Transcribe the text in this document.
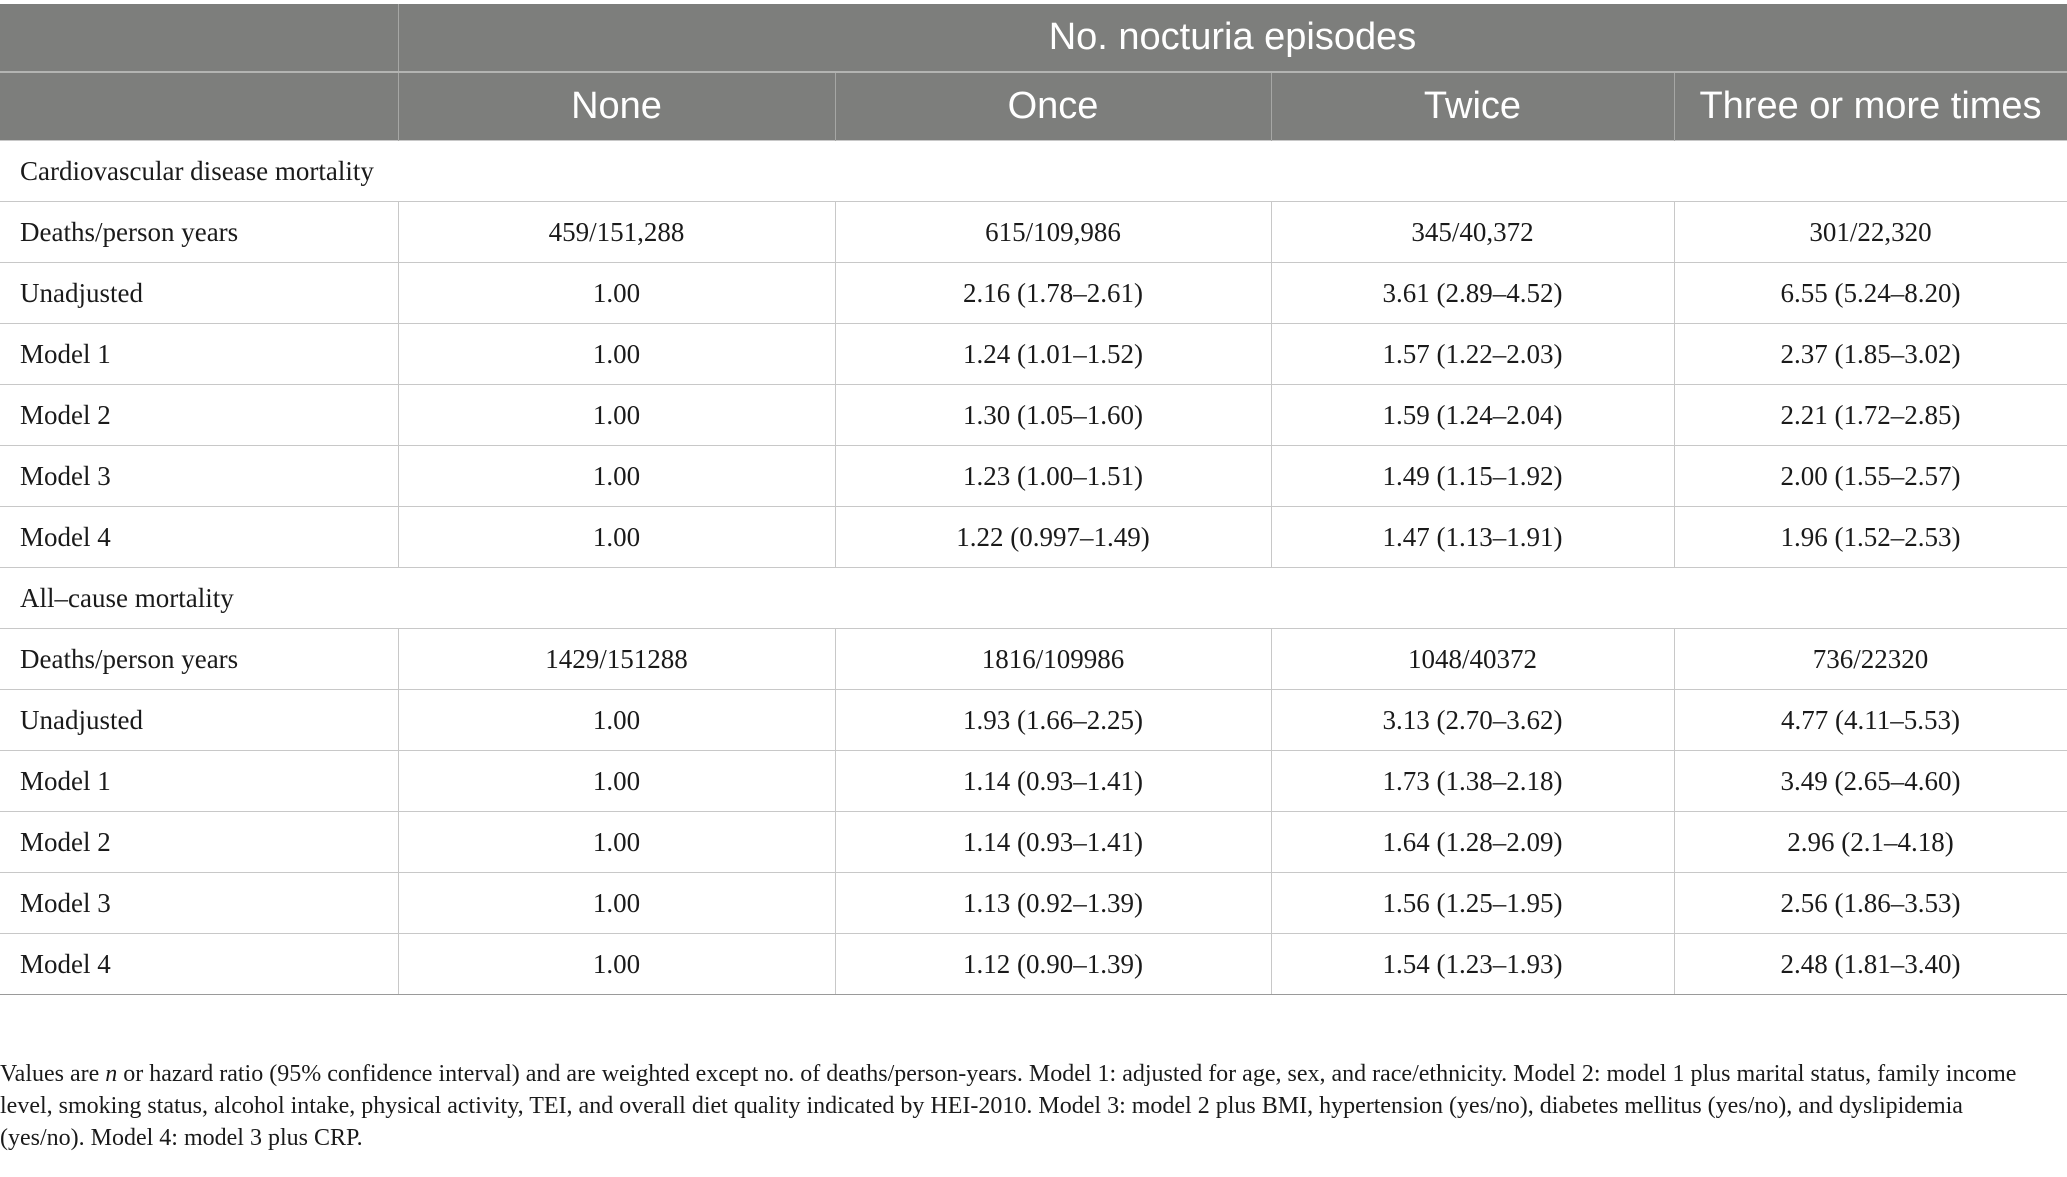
	No. nocturia episodes			
	None	Once	Twice	Three or more times
Cardiovascular disease mortality				
Deaths/person years	459/151,288	615/109,986	345/40,372	301/22,320
Unadjusted	1.00	2.16 (1.78–2.61)	3.61 (2.89–4.52)	6.55 (5.24–8.20)
Model 1	1.00	1.24 (1.01–1.52)	1.57 (1.22–2.03)	2.37 (1.85–3.02)
Model 2	1.00	1.30 (1.05–1.60)	1.59 (1.24–2.04)	2.21 (1.72–2.85)
Model 3	1.00	1.23 (1.00–1.51)	1.49 (1.15–1.92)	2.00 (1.55–2.57)
Model 4	1.00	1.22 (0.997–1.49)	1.47 (1.13–1.91)	1.96 (1.52–2.53)
All–cause mortality				
Deaths/person years	1429/151288	1816/109986	1048/40372	736/22320
Unadjusted	1.00	1.93 (1.66–2.25)	3.13 (2.70–3.62)	4.77 (4.11–5.53)
Model 1	1.00	1.14 (0.93–1.41)	1.73 (1.38–2.18)	3.49 (2.65–4.60)
Model 2	1.00	1.14 (0.93–1.41)	1.64 (1.28–2.09)	2.96 (2.1–4.18)
Model 3	1.00	1.13 (0.92–1.39)	1.56 (1.25–1.95)	2.56 (1.86–3.53)
Model 4	1.00	1.12 (0.90–1.39)	1.54 (1.23–1.93)	2.48 (1.81–3.40)

Values are n or hazard ratio (95% confidence interval) and are weighted except no. of deaths/person-years. Model 1: adjusted for age, sex, and race/ethnicity. Model 2: model 1 plus marital status, family income level, smoking status, alcohol intake, physical activity, TEI, and overall diet quality indicated by HEI-2010. Model 3: model 2 plus BMI, hypertension (yes/no), diabetes mellitus (yes/no), and dyslipidemia (yes/no). Model 4: model 3 plus CRP.
